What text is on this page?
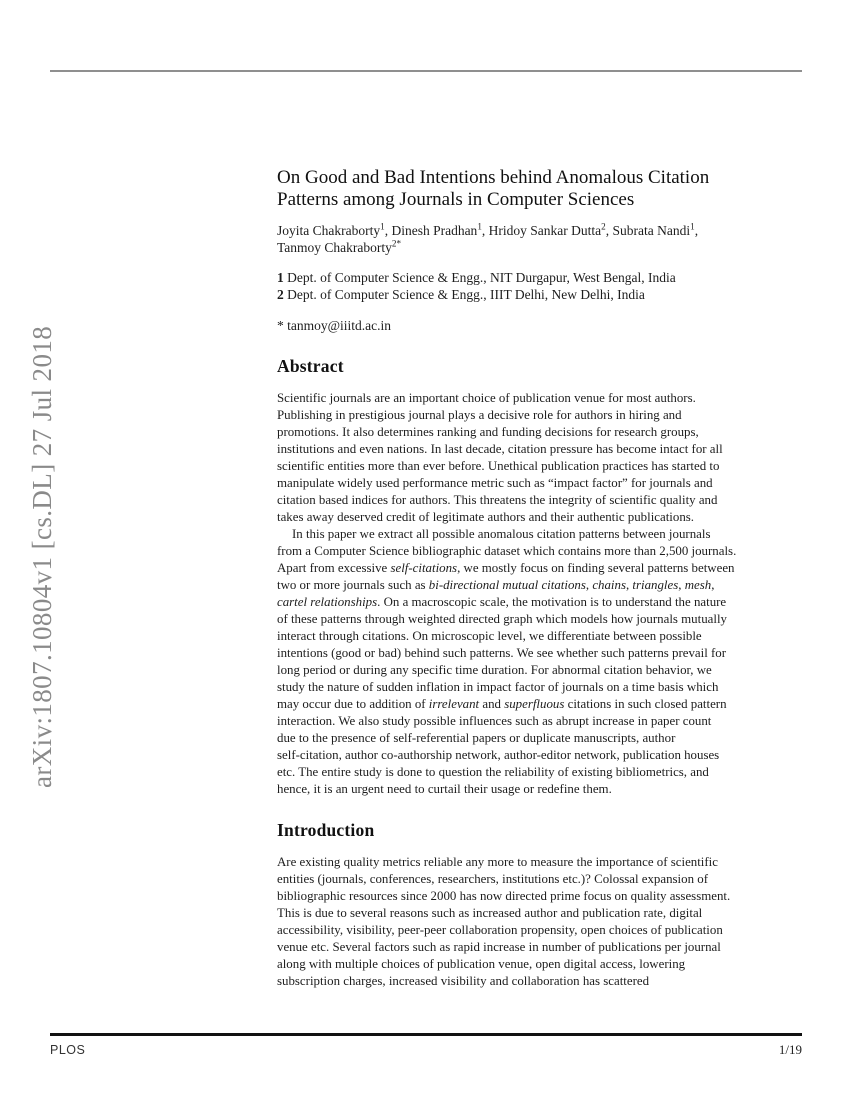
arXiv:1807.10804v1 [cs.DL] 27 Jul 2018
On Good and Bad Intentions behind Anomalous Citation
Patterns among Journals in Computer Sciences
Joyita Chakraborty$^1$, Dinesh Pradhan$^1$, Hridoy Sankar Dutta$^2$, Subrata Nandi$^1$,
Tanmoy Chakraborty$^{2*}$
1 Dept. of Computer Science & Engg., NIT Durgapur, West Bengal, India
2 Dept. of Computer Science & Engg., IIIT Delhi, New Delhi, India
* tanmoy@iiitd.ac.in
Abstract
Scientific journals are an important choice of publication venue for most authors.
Publishing in prestigious journal plays a decisive role for authors in hiring and
promotions. It also determines ranking and funding decisions for research groups,
institutions and even nations. In last decade, citation pressure has become intact for all
scientific entities more than ever before. Unethical publication practices has started to
manipulate widely used performance metric such as “impact factor” for journals and
citation based indices for authors. This threatens the integrity of scientific quality and
takes away deserved credit of legitimate authors and their authentic publications.
In this paper we extract all possible anomalous citation patterns between journals
from a Computer Science bibliographic dataset which contains more than 2,500 journals.
Apart from excessive self-citations, we mostly focus on finding several patterns between
two or more journals such as bi-directional mutual citations, chains, triangles, mesh,
cartel relationships. On a macroscopic scale, the motivation is to understand the nature
of these patterns through weighted directed graph which models how journals mutually
interact through citations. On microscopic level, we differentiate between possible
intentions (good or bad) behind such patterns. We see whether such patterns prevail for
long period or during any specific time duration. For abnormal citation behavior, we
study the nature of sudden inflation in impact factor of journals on a time basis which
may occur due to addition of irrelevant and superfluous citations in such closed pattern
interaction. We also study possible influences such as abrupt increase in paper count
due to the presence of self-referential papers or duplicate manuscripts, author
self-citation, author co-authorship network, author-editor network, publication houses
etc. The entire study is done to question the reliability of existing bibliometrics, and
hence, it is an urgent need to curtail their usage or redefine them.
Introduction
Are existing quality metrics reliable any more to measure the importance of scientific
entities (journals, conferences, researchers, institutions etc.)? Colossal expansion of
bibliographic resources since 2000 has now directed prime focus on quality assessment.
This is due to several reasons such as increased author and publication rate, digital
accessibility, visibility, peer-peer collaboration propensity, open choices of publication
venue etc. Several factors such as rapid increase in number of publications per journal
along with multiple choices of publication venue, open digital access, lowering
subscription charges, increased visibility and collaboration has scattered
PLOS	1/19
